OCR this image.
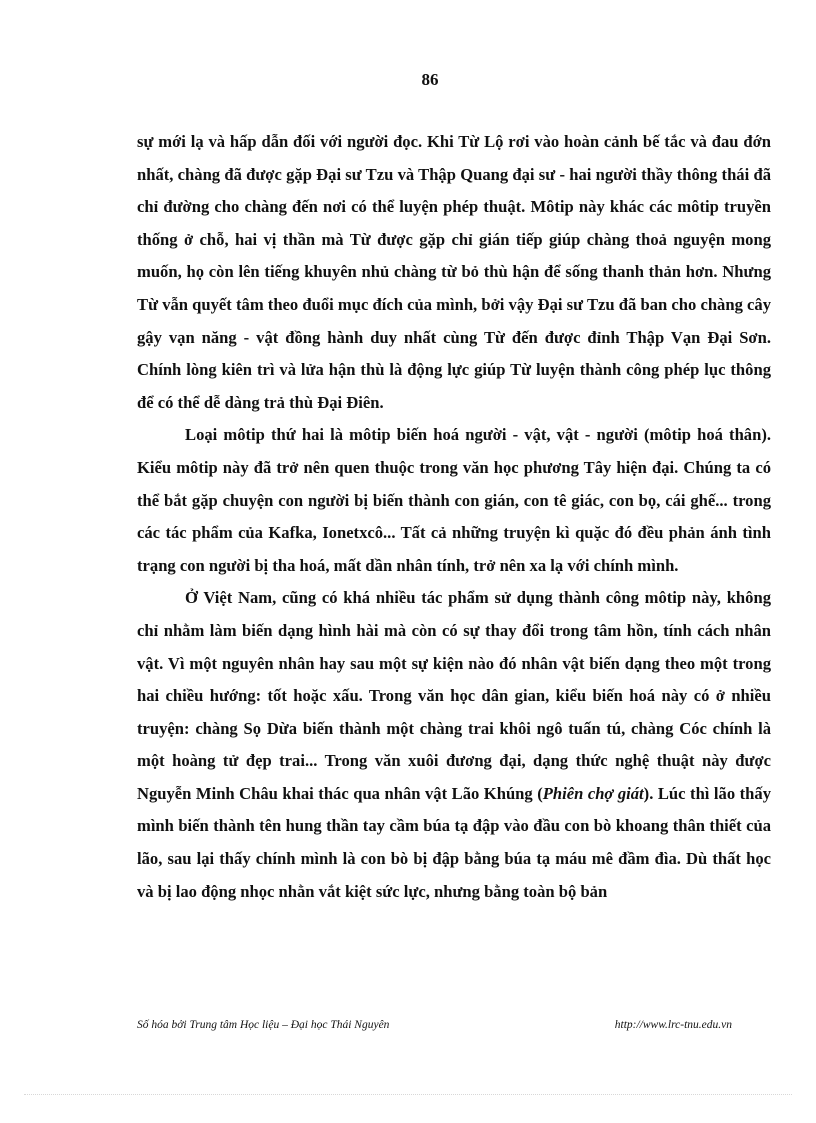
86

sự mới lạ và hấp dẫn đối với người đọc. Khi Từ Lộ rơi vào hoàn cảnh bế tắc và đau đớn nhất, chàng đã được gặp Đại sư Tzu và Thập Quang đại sư - hai người thầy thông thái đã chỉ đường cho chàng đến nơi có thể luyện phép thuật. Môtip này khác các môtip truyền thống ở chỗ, hai vị thần mà Từ được gặp chỉ gián tiếp giúp chàng thoả nguyện mong muốn, họ còn lên tiếng khuyên nhủ chàng từ bỏ thù hận để sống thanh thản hơn. Nhưng Từ vẫn quyết tâm theo đuổi mục đích của mình, bởi vậy Đại sư Tzu đã ban cho chàng cây gậy vạn năng - vật đồng hành duy nhất cùng Từ đến được đỉnh Thập Vạn Đại Sơn. Chính lòng kiên trì và lửa hận thù là động lực giúp Từ luyện thành công phép lục thông để có thể dễ dàng trả thù Đại Điên.

Loại môtip thứ hai là môtip biến hoá người - vật, vật - người (môtip hoá thân). Kiểu môtip này đã trở nên quen thuộc trong văn học phương Tây hiện đại. Chúng ta có thể bắt gặp chuyện con người bị biến thành con gián, con tê giác, con bọ, cái ghế... trong các tác phẩm của Kafka, Ionetxcô... Tất cả những truyện kì quặc đó đều phản ánh tình trạng con người bị tha hoá, mất dần nhân tính, trở nên xa lạ với chính mình.

Ở Việt Nam, cũng có khá nhiều tác phẩm sử dụng thành công môtip này, không chỉ nhằm làm biến dạng hình hài mà còn có sự thay đổi trong tâm hồn, tính cách nhân vật. Vì một nguyên nhân hay sau một sự kiện nào đó nhân vật biến dạng theo một trong hai chiều hướng: tốt hoặc xấu. Trong văn học dân gian, kiểu biến hoá này có ở nhiều truyện: chàng Sọ Dừa biến thành một chàng trai khôi ngô tuấn tú, chàng Cóc chính là một hoàng tử đẹp trai... Trong văn xuôi đương đại, dạng thức nghệ thuật này được Nguyễn Minh Châu khai thác qua nhân vật Lão Khúng (Phiên chợ giát). Lúc thì lão thấy mình biến thành tên hung thần tay cầm búa tạ đập vào đầu con bò khoang thân thiết của lão, sau lại thấy chính mình là con bò bị đập bằng búa tạ máu mê đầm đìa. Dù thất học và bị lao động nhọc nhằn vắt kiệt sức lực, nhưng bằng toàn bộ bản

Số hóa bởi Trung tâm Học liệu – Đại học Thái Nguyên	http://www.lrc-tnu.edu.vn
